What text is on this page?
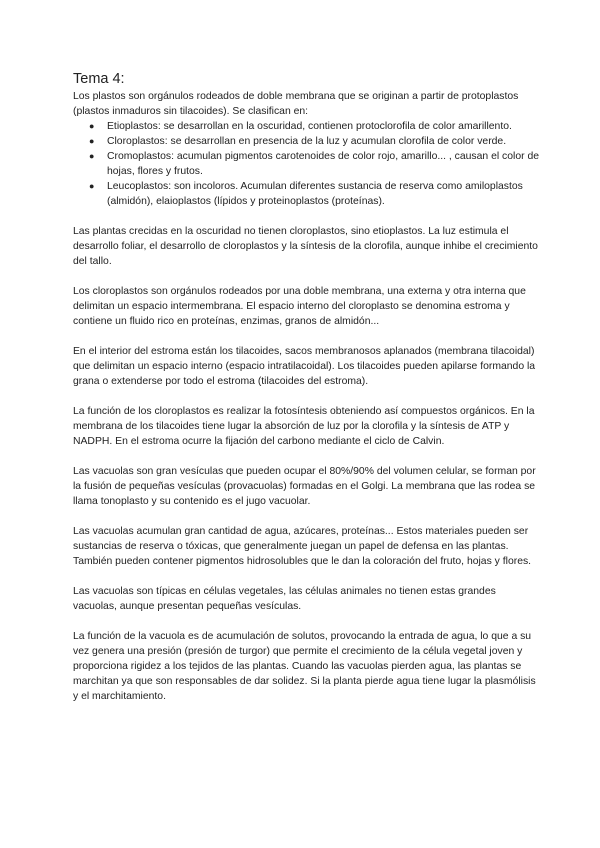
Tema 4:

Los plastos son orgánulos rodeados de doble membrana que se originan a partir de protoplastos (plastos inmaduros sin tilacoides). Se clasifican en:

● Etioplastos: se desarrollan en la oscuridad, contienen protoclorofila de color amarillento.
● Cloroplastos: se desarrollan en presencia de la luz y acumulan clorofila de color verde.
● Cromoplastos: acumulan pigmentos carotenoides de color rojo, amarillo... , causan el color de hojas, flores y frutos.
● Leucoplastos: son incoloros. Acumulan diferentes sustancia de reserva como amiloplastos (almidón), elaioplastos (lípidos y proteinoplastos (proteínas).

Las plantas crecidas en la oscuridad no tienen cloroplastos, sino etioplastos. La luz estimula el desarrollo foliar, el desarrollo de cloroplastos y la síntesis de la clorofila, aunque inhibe el crecimiento del tallo.

Los cloroplastos son orgánulos rodeados por una doble membrana, una externa y otra interna que delimitan un espacio intermembrana. El espacio interno del cloroplasto se denomina estroma y contiene un fluido rico en proteínas, enzimas, granos de almidón...

En el interior del estroma están los tilacoides, sacos membranosos aplanados (membrana tilacoidal) que delimitan un espacio interno (espacio intratilacoidal). Los tilacoides pueden apilarse formando la grana o extenderse por todo el estroma (tilacoides del estroma).

La función de los cloroplastos es realizar la fotosíntesis obteniendo así compuestos orgánicos. En la membrana de los tilacoides tiene lugar la absorción de luz por la clorofila y la síntesis de ATP y NADPH. En el estroma ocurre la fijación del carbono mediante el ciclo de Calvin.

Las vacuolas son gran vesículas que pueden ocupar el 80%/90% del volumen celular, se forman por la fusión de pequeñas vesículas (provacuolas) formadas en el Golgi. La membrana que las rodea se llama tonoplasto y su contenido es el jugo vacuolar.

Las vacuolas acumulan gran cantidad de agua, azúcares, proteínas... Estos materiales pueden ser sustancias de reserva o tóxicas, que generalmente juegan un papel de defensa en las plantas. También pueden contener pigmentos hidrosolubles que le dan la coloración del fruto, hojas y flores.

Las vacuolas son típicas en células vegetales, las células animales no tienen estas grandes vacuolas, aunque presentan pequeñas vesículas.

La función de la vacuola es de acumulación de solutos, provocando la entrada de agua, lo que a su vez genera una presión (presión de turgor) que permite el crecimiento de la célula vegetal joven y proporciona rigidez a los tejidos de las plantas. Cuando las vacuolas pierden agua, las plantas se marchitan ya que son responsables de dar solidez. Si la planta pierde agua tiene lugar la plasmólisis y el marchitamiento.
